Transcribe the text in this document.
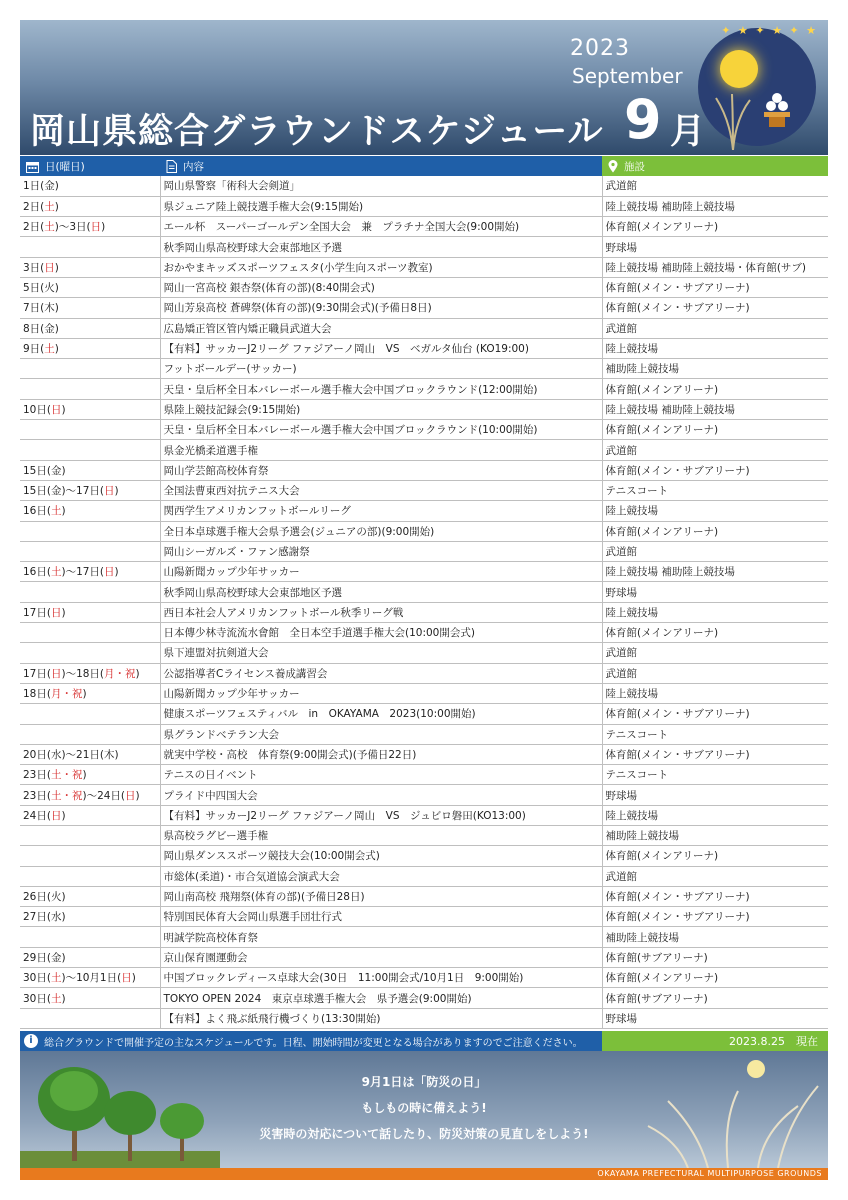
✦ ★ ✦ ★ ✦ ★
2023
September
岡山県総合グラウンドスケジュール 9 月
日(曜日)	内容	施設
1日(金)	岡山県警察「術科大会剣道」	武道館
2日(土)	県ジュニア陸上競技選手権大会(9:15開始)	陸上競技場 補助陸上競技場
2日(土)～3日(日)	エール杯　スーパーゴールデン全国大会　兼　プラチナ全国大会(9:00開始)	体育館(メインアリーナ)
	秋季岡山県高校野球大会東部地区予選	野球場
3日(日)	おかやまキッズスポーツフェスタ(小学生向スポーツ教室)	陸上競技場 補助陸上競技場・体育館(サブ)
5日(火)	岡山一宮高校 銀杏祭(体育の部)(8:40開会式)	体育館(メイン・サブアリーナ)
7日(木)	岡山芳泉高校 蒼碑祭(体育の部)(9:30開会式)(予備日8日)	体育館(メイン・サブアリーナ)
8日(金)	広島矯正管区管内矯正職員武道大会	武道館
9日(土)	【有料】サッカーJ2リーグ ファジアーノ岡山　VS　ベガルタ仙台 (KO19:00)	陸上競技場
	フットボールデー(サッカー)	補助陸上競技場
	天皇・皇后杯全日本バレーボール選手権大会中国ブロックラウンド(12:00開始)	体育館(メインアリーナ)
10日(日)	県陸上競技記録会(9:15開始)	陸上競技場 補助陸上競技場
	天皇・皇后杯全日本バレーボール選手権大会中国ブロックラウンド(10:00開始)	体育館(メインアリーナ)
	県金光橋柔道選手権	武道館
15日(金)	岡山学芸館高校体育祭	体育館(メイン・サブアリーナ)
15日(金)～17日(日)	全国法曹東西対抗テニス大会	テニスコート
16日(土)	関西学生アメリカンフットボールリーグ	陸上競技場
	全日本卓球選手権大会県予選会(ジュニアの部)(9:00開始)	体育館(メインアリーナ)
	岡山シーガルズ・ファン感謝祭	武道館
16日(土)～17日(日)	山陽新聞カップ少年サッカー	陸上競技場 補助陸上競技場
	秋季岡山県高校野球大会東部地区予選	野球場
17日(日)	西日本社会人アメリカンフットボール秋季リーグ戦	陸上競技場
	日本傳少林寺流流水會館　全日本空手道選手権大会(10:00開会式)	体育館(メインアリーナ)
	県下連盟対抗剣道大会	武道館
17日(日)～18日(月・祝)	公認指導者Cライセンス養成講習会	武道館
18日(月・祝)	山陽新聞カップ少年サッカー	陸上競技場
	健康スポーツフェスティバル　in　OKAYAMA　2023(10:00開始)	体育館(メイン・サブアリーナ)
	県グランドベテラン大会	テニスコート
20日(水)～21日(木)	就実中学校・高校　体育祭(9:00開会式)(予備日22日)	体育館(メイン・サブアリーナ)
23日(土・祝)	テニスの日イベント	テニスコート
23日(土・祝)～24日(日)	プライド中四国大会	野球場
24日(日)	【有料】サッカーJ2リーグ ファジアーノ岡山　VS　ジュビロ磐田(KO13:00)	陸上競技場
	県高校ラグビー選手権	補助陸上競技場
	岡山県ダンススポーツ競技大会(10:00開会式)	体育館(メインアリーナ)
	市総体(柔道)・市合気道協会演武大会	武道館
26日(火)	岡山南高校 飛翔祭(体育の部)(予備日28日)	体育館(メイン・サブアリーナ)
27日(水)	特別国民体育大会岡山県選手団壮行式	体育館(メイン・サブアリーナ)
	明誠学院高校体育祭	補助陸上競技場
29日(金)	京山保育園運動会	体育館(サブアリーナ)
30日(土)～10月1日(日)	中国ブロックレディース卓球大会(30日　11:00開会式/10月1日　9:00開始)	体育館(メインアリーナ)
30日(土)	TOKYO OPEN 2024　東京卓球選手権大会　県予選会(9:00開始)	体育館(サブアリーナ)
	【有料】よく飛ぶ紙飛行機づくり(13:30開始)	野球場
i	総合グラウンドで開催予定の主なスケジュールです。日程、開始時間が変更となる場合がありますのでご注意ください。	2023.8.25　現在
9月1日は「防災の日」
もしもの時に備えよう!
災害時の対応について話したり、防災対策の見直しをしよう!
OKAYAMA PREFECTURAL MULTIPURPOSE GROUNDS
